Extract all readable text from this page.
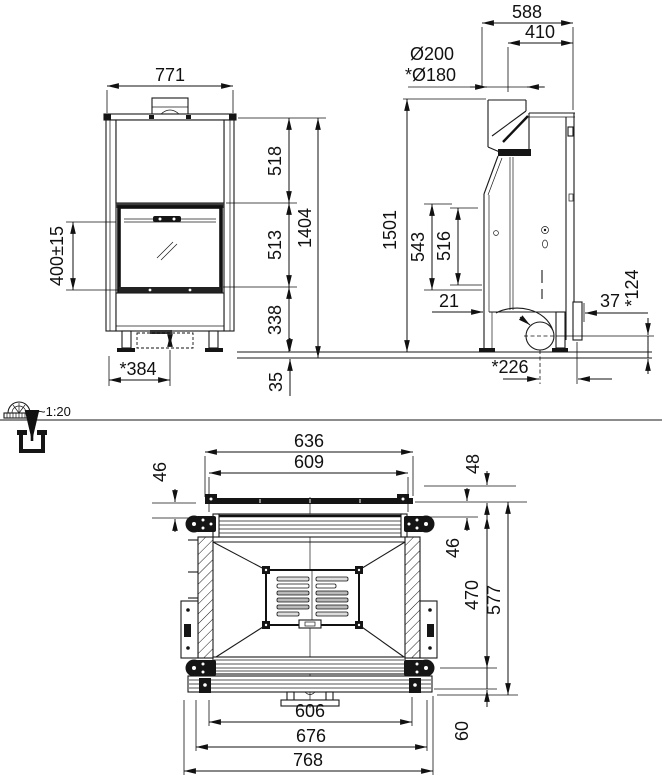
771
518
513
338
1404
35
400±15
*384
588
410
Ø200
*Ø180
1501 543 516
21	37 *124
*226
~1:20
636
609
46	48
46
470 577
60
606
676
768
